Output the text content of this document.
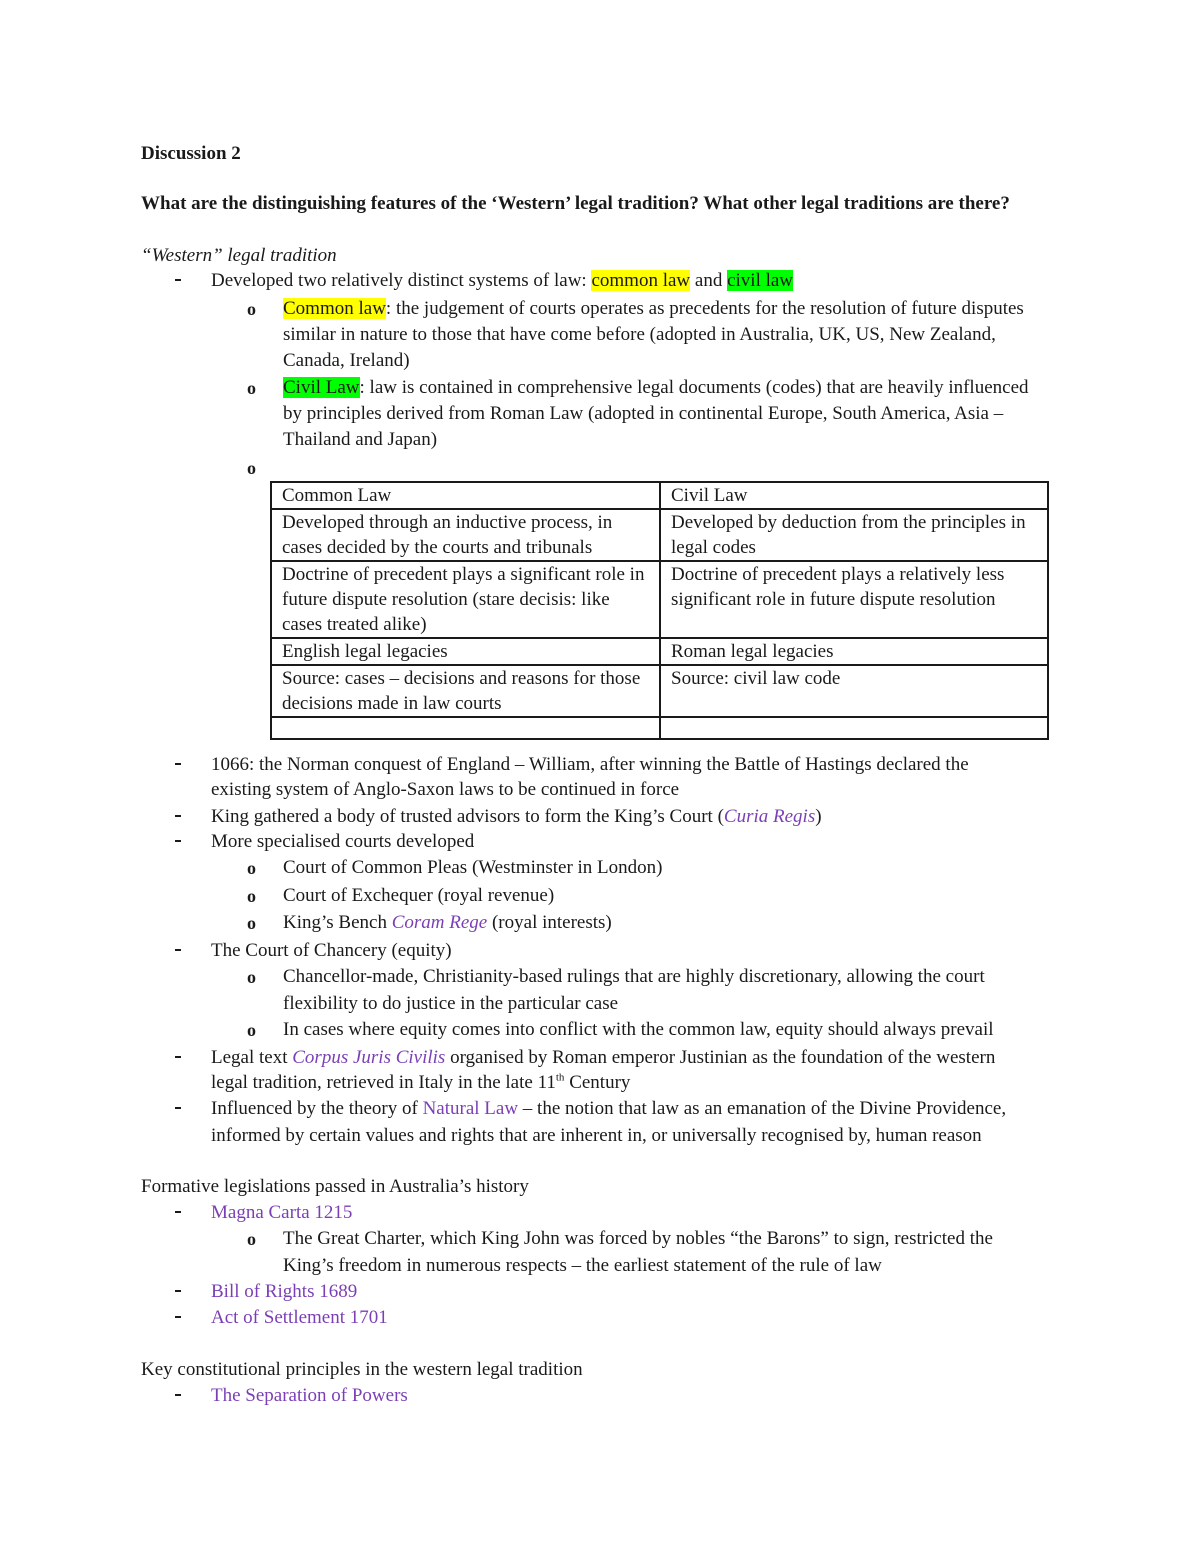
Discussion 2
What are the distinguishing features of the ‘Western’ legal tradition? What other legal traditions are there?
“Western” legal tradition
Developed two relatively distinct systems of law: common law and civil law
o Common law: the judgement of courts operates as precedents for the resolution of future disputes
similar in nature to those that have come before (adopted in Australia, UK, US, New Zealand,
Canada, Ireland)
o Civil Law: law is contained in comprehensive legal documents (codes) that are heavily influenced
by principles derived from Roman Law (adopted in continental Europe, South America, Asia –
Thailand and Japan)
o
Common Law	Civil Law
Developed through an inductive process, in cases decided by the courts and tribunals	Developed by deduction from the principles in legal codes
Doctrine of precedent plays a significant role in future dispute resolution (stare decisis: like cases treated alike)	Doctrine of precedent plays a relatively less significant role in future dispute resolution
English legal legacies	Roman legal legacies
Source: cases – decisions and reasons for those decisions made in law courts	Source: civil law code

1066: the Norman conquest of England – William, after winning the Battle of Hastings declared the
existing system of Anglo-Saxon laws to be continued in force
King gathered a body of trusted advisors to form the King’s Court (Curia Regis)
More specialised courts developed
o Court of Common Pleas (Westminster in London)
o Court of Exchequer (royal revenue)
o King’s Bench Coram Rege (royal interests)
The Court of Chancery (equity)
o Chancellor-made, Christianity-based rulings that are highly discretionary, allowing the court
flexibility to do justice in the particular case
o In cases where equity comes into conflict with the common law, equity should always prevail
Legal text Corpus Juris Civilis organised by Roman emperor Justinian as the foundation of the western
legal tradition, retrieved in Italy in the late 11th Century
Influenced by the theory of Natural Law – the notion that law as an emanation of the Divine Providence,
informed by certain values and rights that are inherent in, or universally recognised by, human reason
Formative legislations passed in Australia’s history
Magna Carta 1215
o The Great Charter, which King John was forced by nobles “the Barons” to sign, restricted the
King’s freedom in numerous respects – the earliest statement of the rule of law
Bill of Rights 1689
Act of Settlement 1701
Key constitutional principles in the western legal tradition
The Separation of Powers
